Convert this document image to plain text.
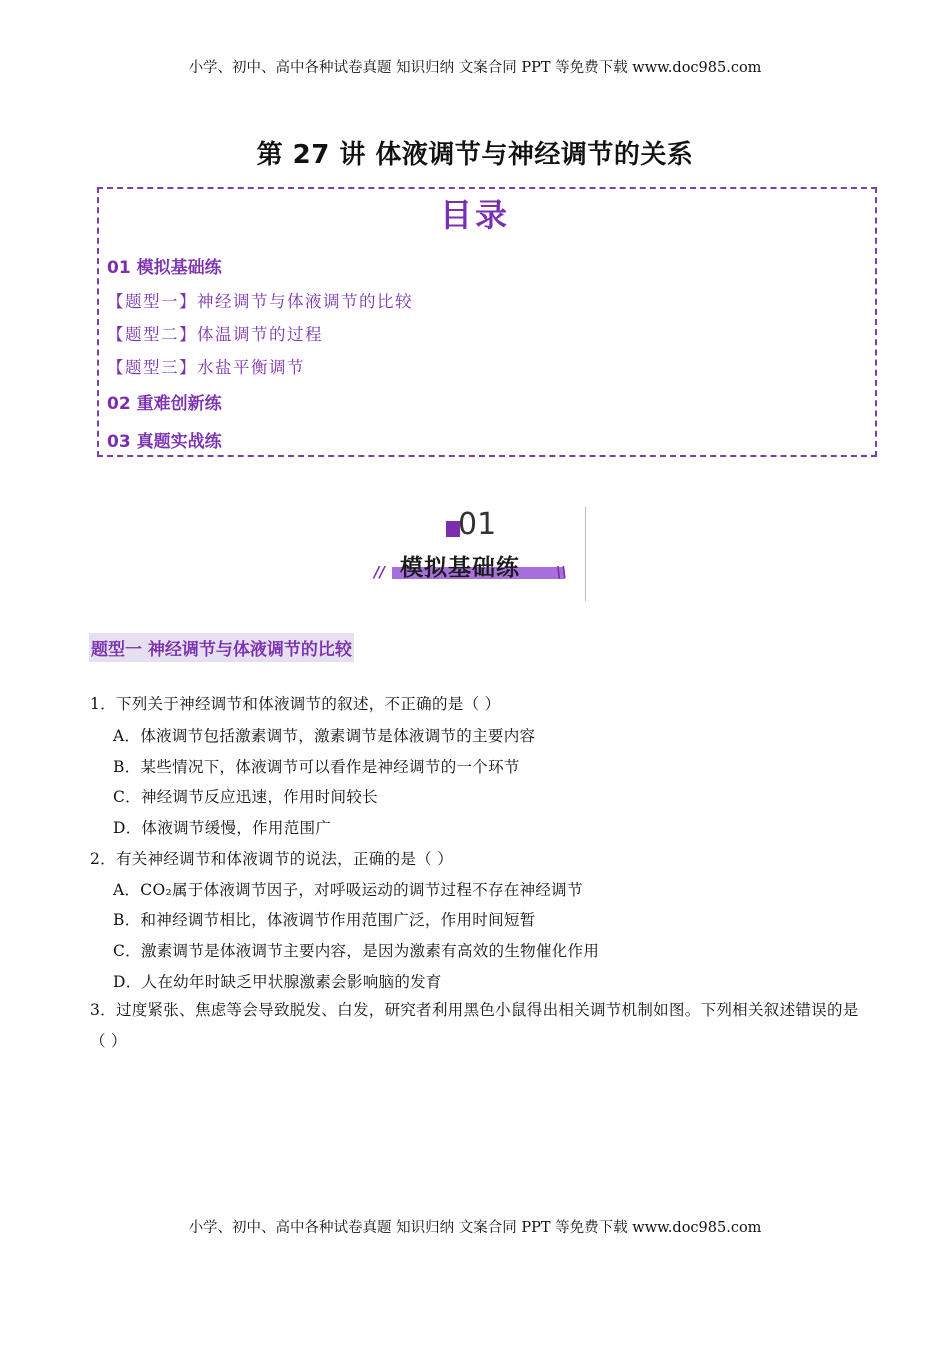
小学、初中、高中各种试卷真题 知识归纳 文案合同 PPT 等免费下载 www.doc985.com
第 27 讲 体液调节与神经调节的关系
目录
01 模拟基础练
【题型一】神经调节与体液调节的比较
【题型二】体温调节的过程
【题型三】水盐平衡调节
02 重难创新练
03 真题实战练
01
模拟基础练
//	\\
题型一 神经调节与体液调节的比较
1．下列关于神经调节和体液调节的叙述，不正确的是（ ）
A．体液调节包括激素调节，激素调节是体液调节的主要内容
B．某些情况下，体液调节可以看作是神经调节的一个环节
C．神经调节反应迅速，作用时间较长
D．体液调节缓慢，作用范围广
2．有关神经调节和体液调节的说法，正确的是（ ）
A．CO₂属于体液调节因子，对呼吸运动的调节过程不存在神经调节
B．和神经调节相比，体液调节作用范围广泛，作用时间短暂
C．激素调节是体液调节主要内容，是因为激素有高效的生物催化作用
D．人在幼年时缺乏甲状腺激素会影响脑的发育
3．过度紧张、焦虑等会导致脱发、白发，研究者利用黑色小鼠得出相关调节机制如图。下列相关叙述错误的是（ ）
小学、初中、高中各种试卷真题 知识归纳 文案合同 PPT 等免费下载 www.doc985.com
